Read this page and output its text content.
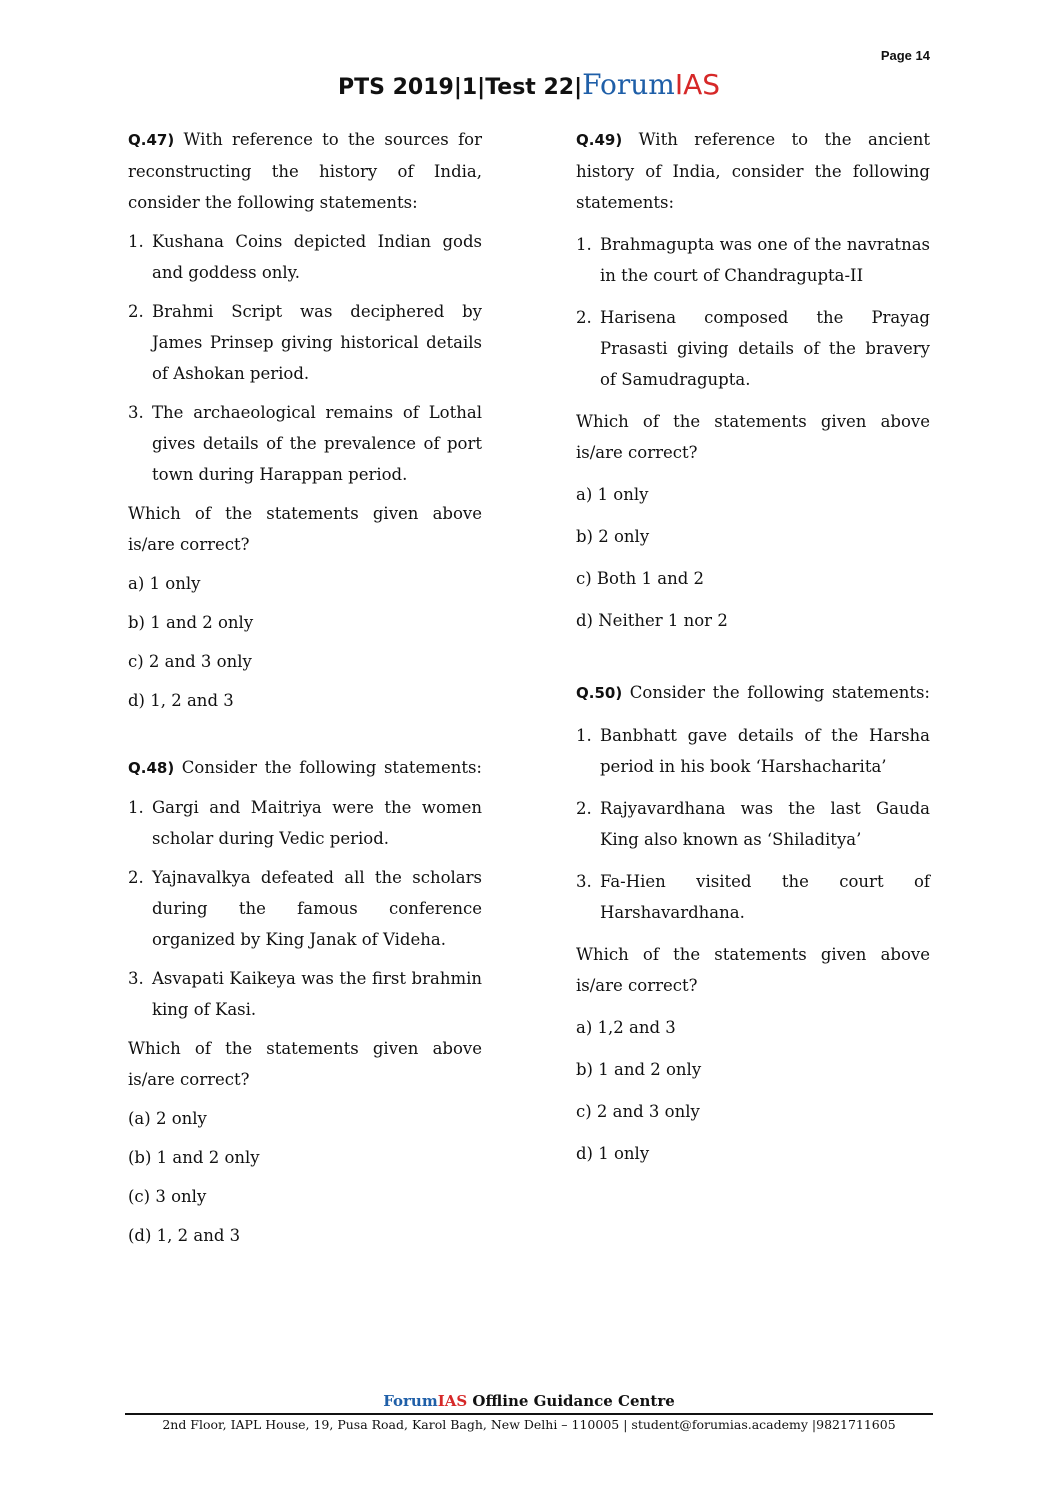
Page 14
PTS 2019|1|Test 22|ForumIAS

Q.47) With reference to the sources for reconstructing the history of India, consider the following statements:

1. Kushana Coins depicted Indian gods and goddess only.
2. Brahmi Script was deciphered by James Prinsep giving historical details of Ashokan period.
3. The archaeological remains of Lothal gives details of the prevalence of port town during Harappan period.

Which of the statements given above is/are correct?

a) 1 only
b) 1 and 2 only
c) 2 and 3 only
d) 1, 2 and 3

Q.48) Consider the following statements:

1. Gargi and Maitriya were the women scholar during Vedic period.
2. Yajnavalkya defeated all the scholars during the famous conference organized by King Janak of Videha.
3. Asvapati Kaikeya was the first brahmin king of Kasi.

Which of the statements given above is/are correct?

(a) 2 only
(b) 1 and 2 only
(c) 3 only
(d) 1, 2 and 3

Q.49) With reference to the ancient history of India, consider the following statements:

1. Brahmagupta was one of the navratnas in the court of Chandragupta-II
2. Harisena composed the Prayag Prasasti giving details of the bravery of Samudragupta.

Which of the statements given above is/are correct?

a) 1 only
b) 2 only
c) Both 1 and 2
d) Neither 1 nor 2

Q.50) Consider the following statements:

1. Banbhatt gave details of the Harsha period in his book ‘Harshacharita’
2. Rajyavardhana was the last Gauda King also known as ‘Shiladitya’
3. Fa-Hien visited the court of Harshavardhana.

Which of the statements given above is/are correct?

a) 1,2 and 3
b) 1 and 2 only
c) 2 and 3 only
d) 1 only
ForumIAS Offline Guidance Centre
2nd Floor, IAPL House, 19, Pusa Road, Karol Bagh, New Delhi – 110005 | student@forumias.academy |9821711605
